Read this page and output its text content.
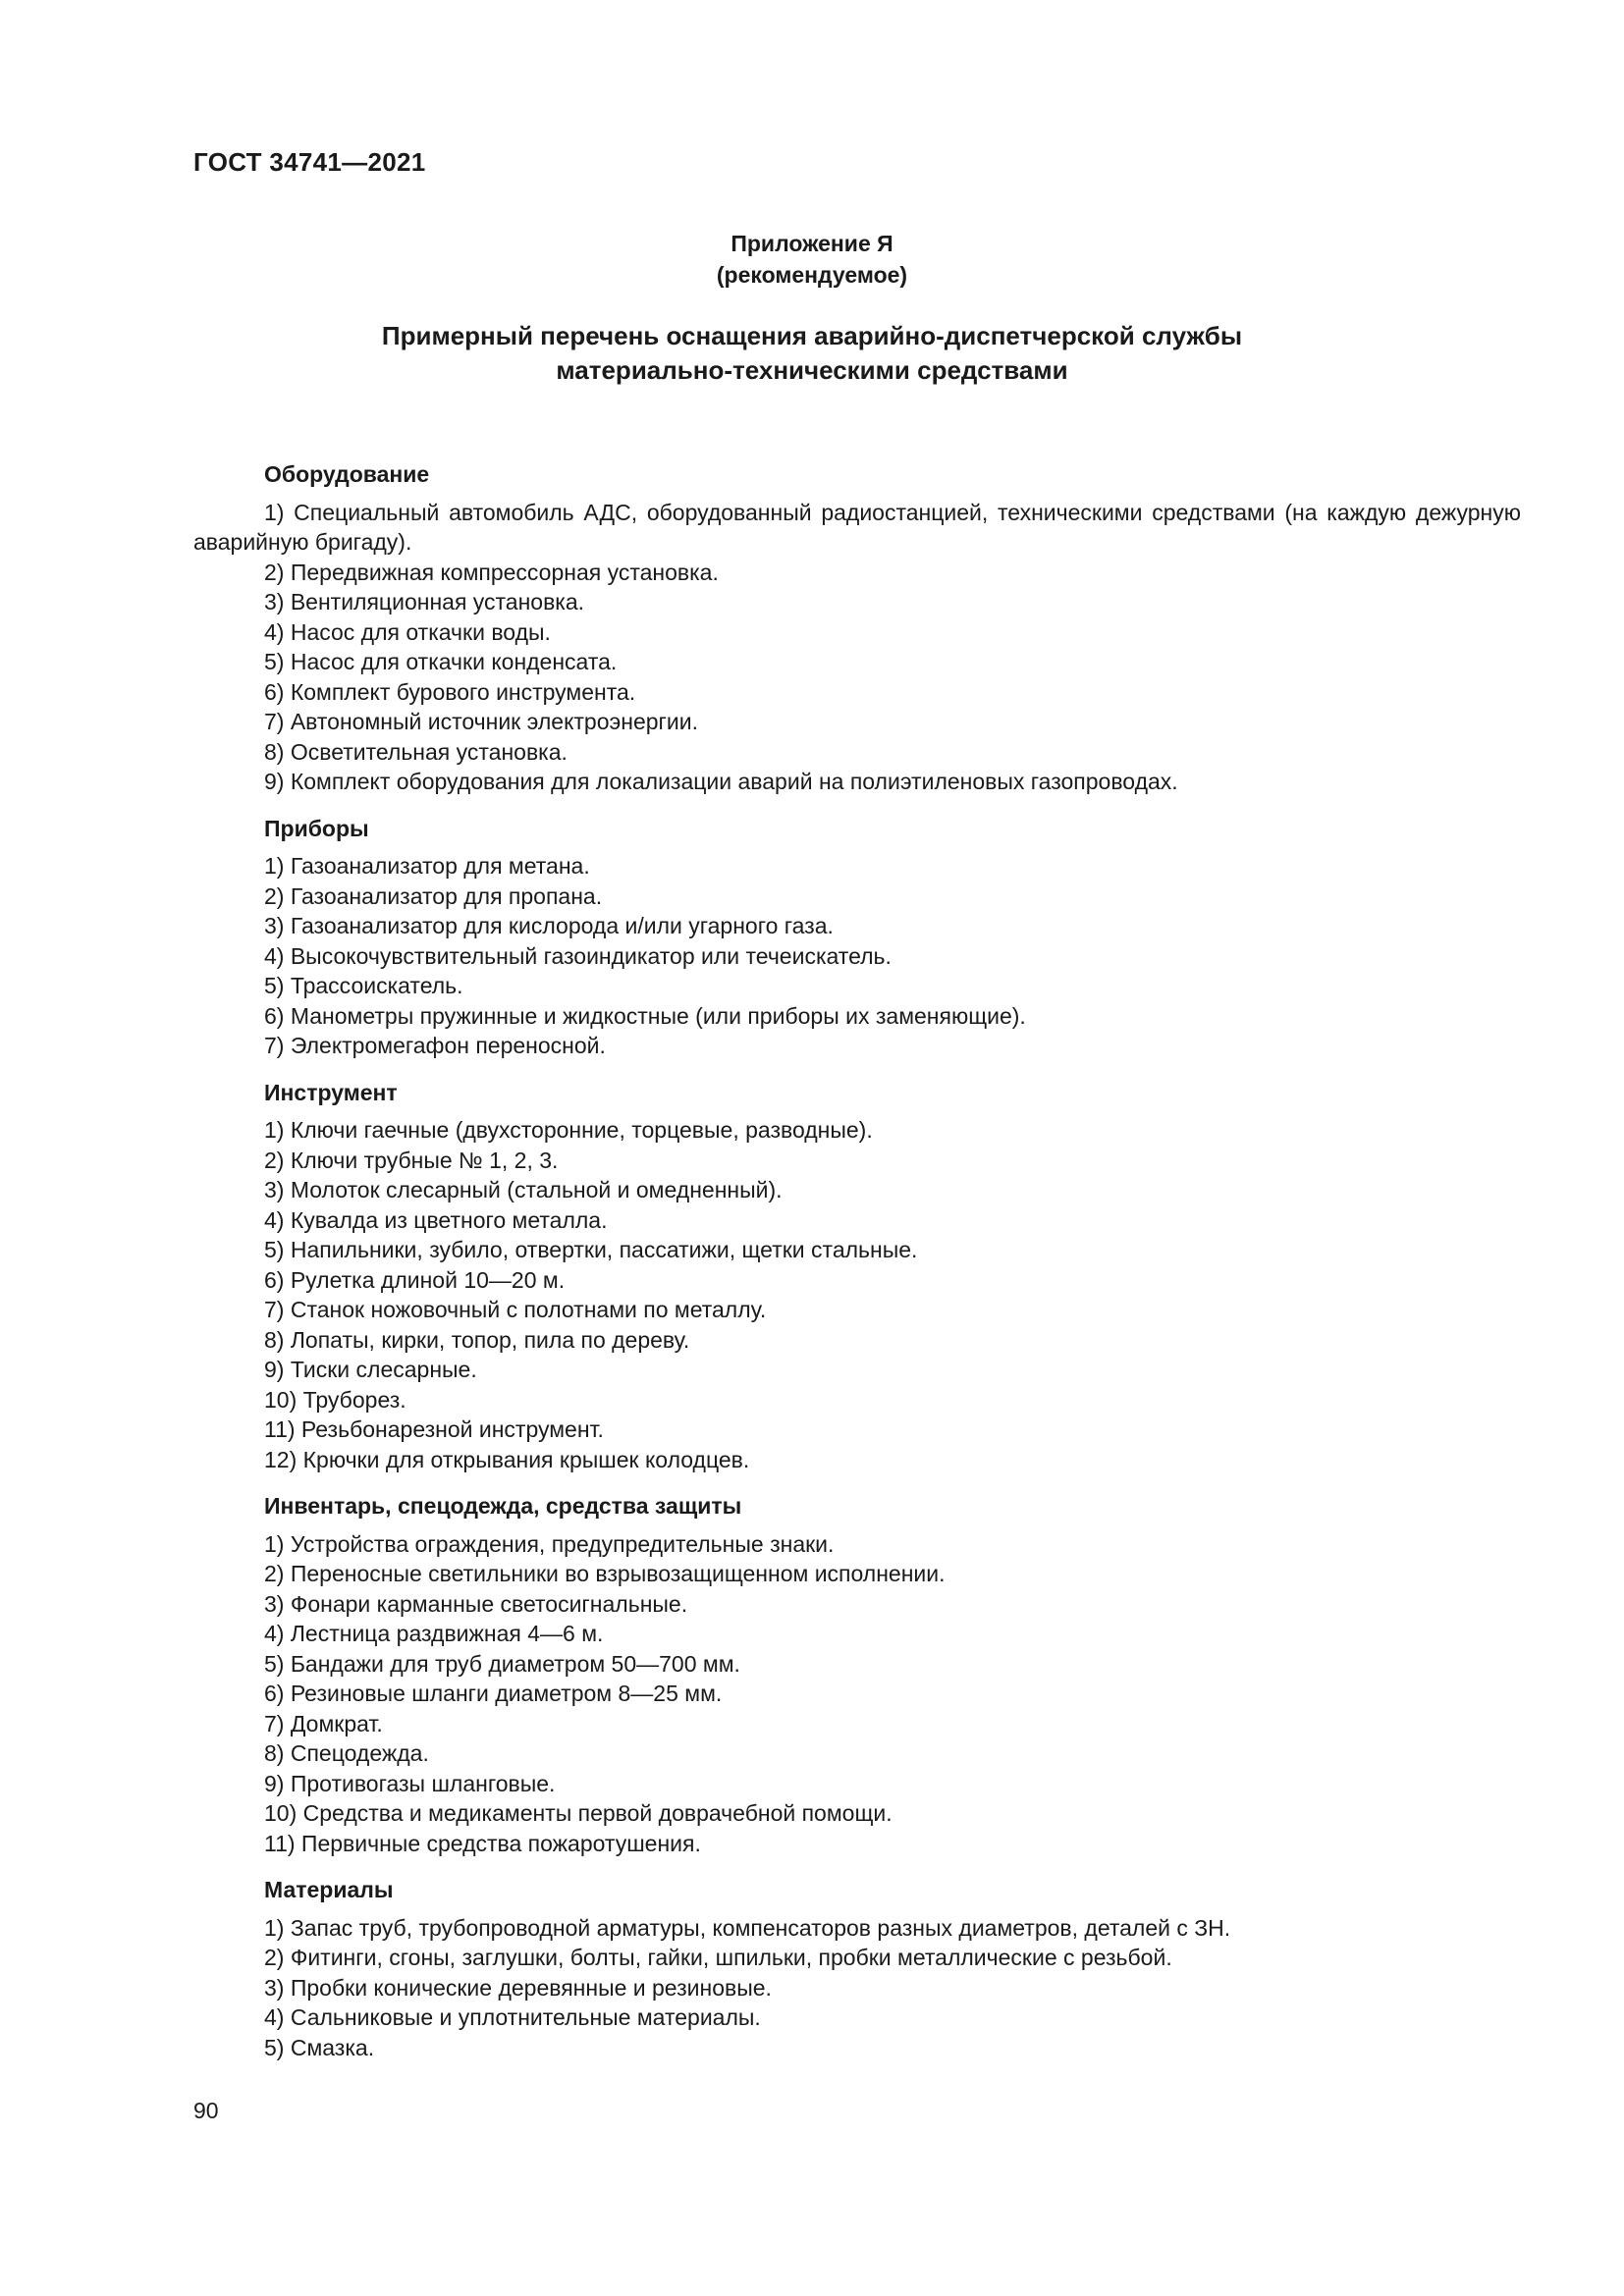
ГОСТ 34741—2021
Приложение Я
(рекомендуемое)
Примерный перечень оснащения аварийно-диспетчерской службы
материально-техническими средствами

Оборудование

1) Специальный автомобиль АДС, оборудованный радиостанцией, техническими средствами (на каждую дежурную аварийную бригаду).

2) Передвижная компрессорная установка.

3) Вентиляционная установка.

4) Насос для откачки воды.

5) Насос для откачки конденсата.

6) Комплект бурового инструмента.

7) Автономный источник электроэнергии.

8) Осветительная установка.

9) Комплект оборудования для локализации аварий на полиэтиленовых газопроводах.

Приборы

1) Газоанализатор для метана.

2) Газоанализатор для пропана.

3) Газоанализатор для кислорода и/или угарного газа.

4) Высокочувствительный газоиндикатор или течеискатель.

5) Трассоискатель.

6) Манометры пружинные и жидкостные (или приборы их заменяющие).

7) Электромегафон переносной.

Инструмент

1) Ключи гаечные (двухсторонние, торцевые, разводные).

2) Ключи трубные № 1, 2, 3.

3) Молоток слесарный (стальной и омедненный).

4) Кувалда из цветного металла.

5) Напильники, зубило, отвертки, пассатижи, щетки стальные.

6) Рулетка длиной 10—20 м.

7) Станок ножовочный с полотнами по металлу.

8) Лопаты, кирки, топор, пила по дереву.

9) Тиски слесарные.

10) Труборез.

11) Резьбонарезной инструмент.

12) Крючки для открывания крышек колодцев.

Инвентарь, спецодежда, средства защиты

1) Устройства ограждения, предупредительные знаки.

2) Переносные светильники во взрывозащищенном исполнении.

3) Фонари карманные светосигнальные.

4) Лестница раздвижная 4—6 м.

5) Бандажи для труб диаметром 50—700 мм.

6) Резиновые шланги диаметром 8—25 мм.

7) Домкрат.

8) Спецодежда.

9) Противогазы шланговые.

10) Средства и медикаменты первой доврачебной помощи.

11) Первичные средства пожаротушения.

Материалы

1) Запас труб, трубопроводной арматуры, компенсаторов разных диаметров, деталей с ЗН.

2) Фитинги, сгоны, заглушки, болты, гайки, шпильки, пробки металлические с резьбой.

3) Пробки конические деревянные и резиновые.

4) Сальниковые и уплотнительные материалы.

5) Смазка.

90
